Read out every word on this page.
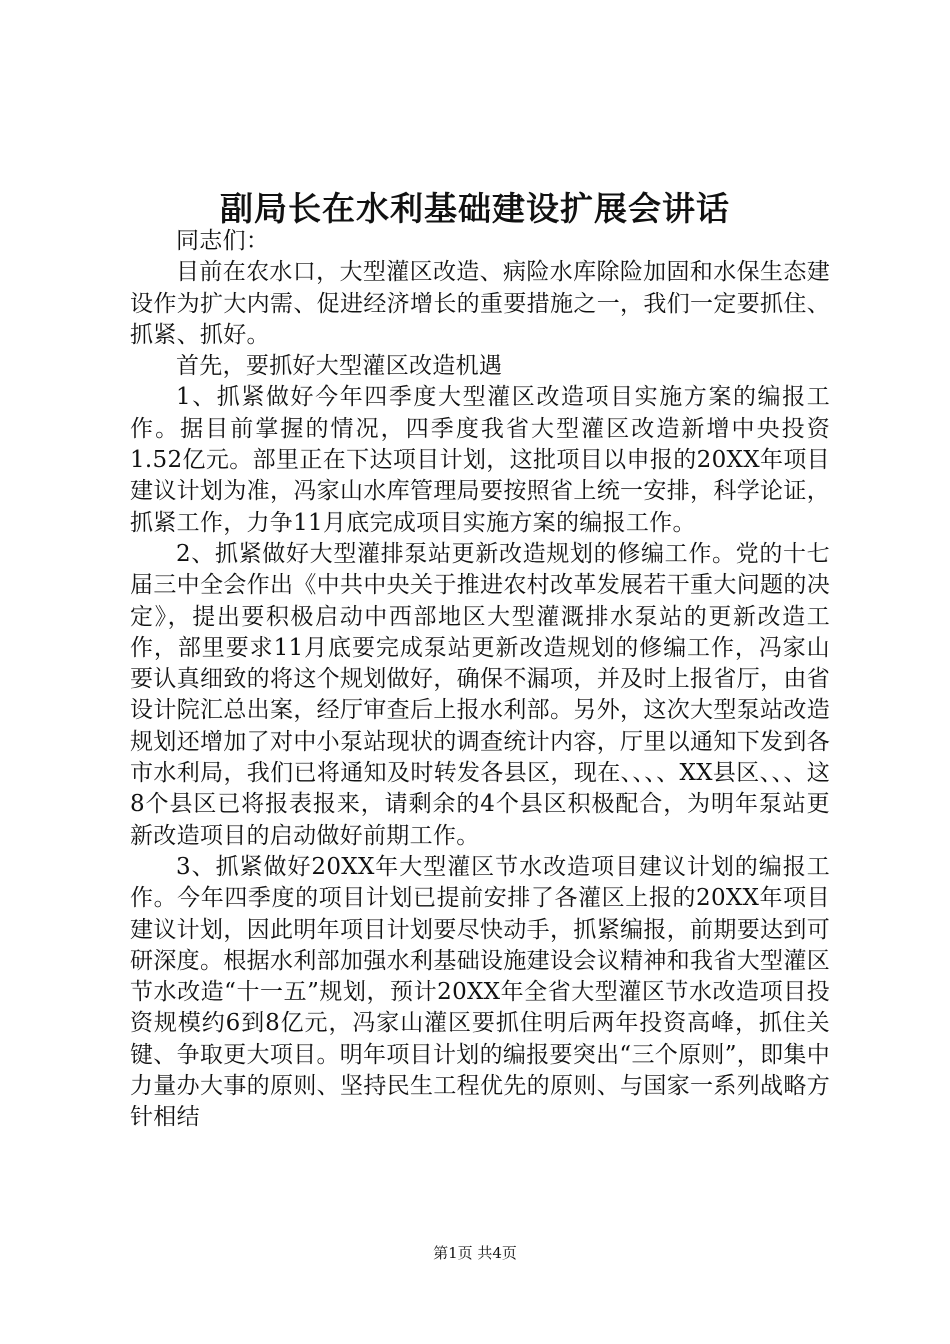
副局长在水利基础建设扩展会讲话

同志们：

目前在农水口，大型灌区改造、病险水库除险加固和水保生态建设作为扩大内需、促进经济增长的重要措施之一，我们一定要抓住、抓紧、抓好。

首先，要抓好大型灌区改造机遇

1、抓紧做好今年四季度大型灌区改造项目实施方案的编报工作。据目前掌握的情况，四季度我省大型灌区改造新增中央投资1.52亿元。部里正在下达项目计划，这批项目以申报的20XX年项目建议计划为准，冯家山水库管理局要按照省上统一安排，科学论证，抓紧工作，力争11月底完成项目实施方案的编报工作。

2、抓紧做好大型灌排泵站更新改造规划的修编工作。党的十七届三中全会作出《中共中央关于推进农村改革发展若干重大问题的决定》，提出要积极启动中西部地区大型灌溉排水泵站的更新改造工作，部里要求11月底要完成泵站更新改造规划的修编工作，冯家山要认真细致的将这个规划做好，确保不漏项，并及时上报省厅，由省设计院汇总出案，经厅审查后上报水利部。另外，这次大型泵站改造规划还增加了对中小泵站现状的调查统计内容，厅里以通知下发到各市水利局，我们已将通知及时转发各县区，现在、、、、XX县区、、、这8个县区已将报表报来，请剩余的4个县区积极配合，为明年泵站更新改造项目的启动做好前期工作。

3、抓紧做好20XX年大型灌区节水改造项目建议计划的编报工作。今年四季度的项目计划已提前安排了各灌区上报的20XX年项目建议计划，因此明年项目计划要尽快动手，抓紧编报，前期要达到可研深度。根据水利部加强水利基础设施建设会议精神和我省大型灌区节水改造“十一五”规划，预计20XX年全省大型灌区节水改造项目投资规模约6到8亿元，冯家山灌区要抓住明后两年投资高峰，抓住关键、争取更大项目。明年项目计划的编报要突出“三个原则”，即集中力量办大事的原则、坚持民生工程优先的原则、与国家一系列战略方针相结

第1页 共4页
